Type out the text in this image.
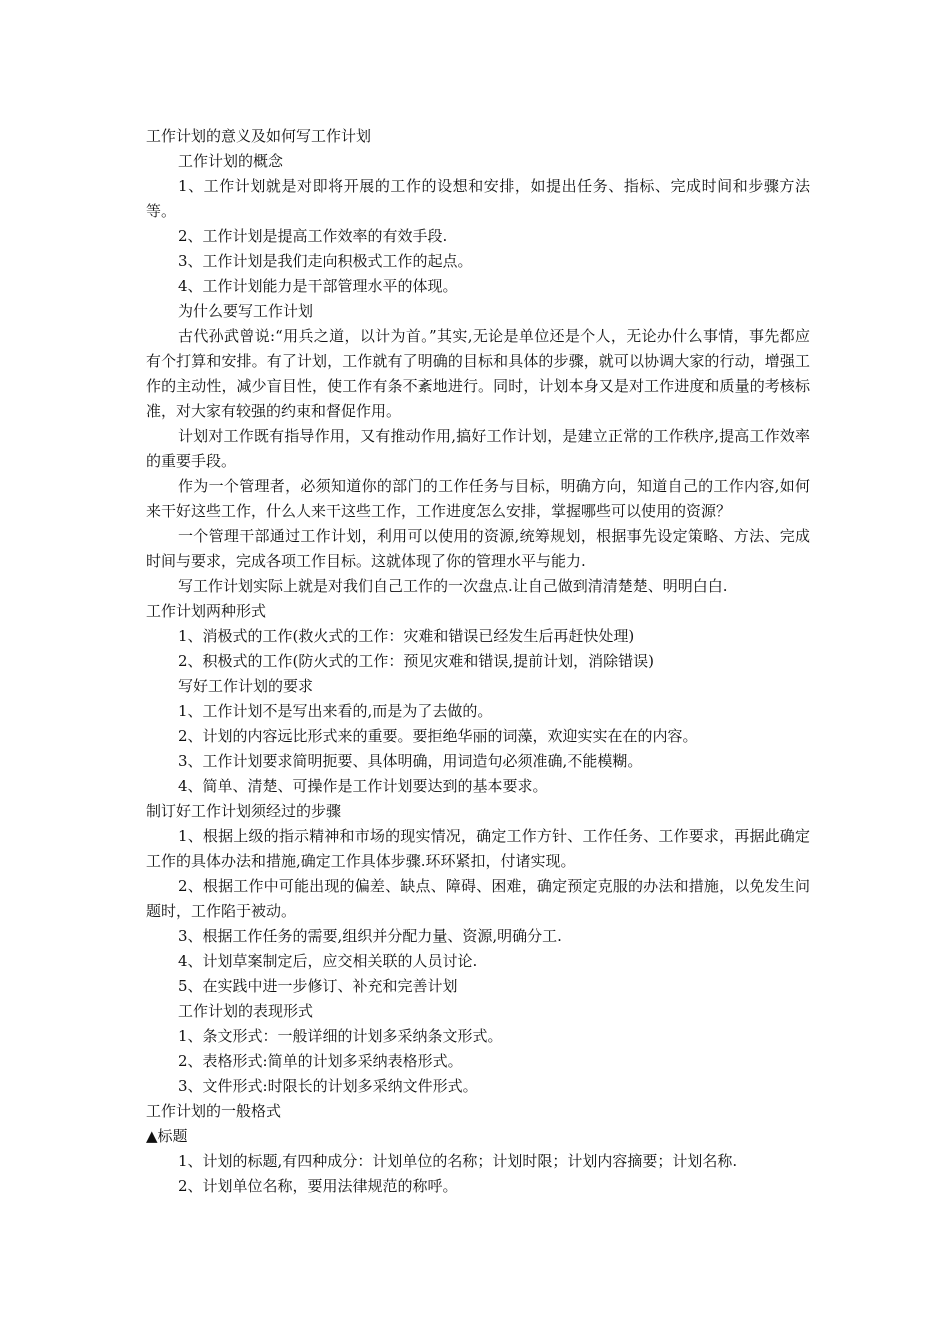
工作计划的意义及如何写工作计划

工作计划的概念

1、工作计划就是对即将开展的工作的设想和安排，如提出任务、指标、完成时间和步骤方法等。

2、工作计划是提高工作效率的有效手段.

3、工作计划是我们走向积极式工作的起点。

4、工作计划能力是干部管理水平的体现。

为什么要写工作计划

古代孙武曾说:“用兵之道，以计为首。”其实,无论是单位还是个人，无论办什么事情，事先都应有个打算和安排。有了计划，工作就有了明确的目标和具体的步骤，就可以协调大家的行动，增强工作的主动性，减少盲目性，使工作有条不紊地进行。同时，计划本身又是对工作进度和质量的考核标准，对大家有较强的约束和督促作用。

计划对工作既有指导作用，又有推动作用,搞好工作计划，是建立正常的工作秩序,提高工作效率的重要手段。

作为一个管理者，必须知道你的部门的工作任务与目标，明确方向，知道自己的工作内容,如何来干好这些工作，什么人来干这些工作，工作进度怎么安排，掌握哪些可以使用的资源？

一个管理干部通过工作计划，利用可以使用的资源,统筹规划，根据事先设定策略、方法、完成时间与要求，完成各项工作目标。这就体现了你的管理水平与能力.

写工作计划实际上就是对我们自己工作的一次盘点.让自己做到清清楚楚、明明白白.

工作计划两种形式

1、消极式的工作(救火式的工作：灾难和错误已经发生后再赶快处理)

2、积极式的工作(防火式的工作：预见灾难和错误,提前计划，消除错误)

写好工作计划的要求

1、工作计划不是写出来看的,而是为了去做的。

2、计划的内容远比形式来的重要。要拒绝华丽的词藻，欢迎实实在在的内容。

3、工作计划要求简明扼要、具体明确，用词造句必须准确,不能模糊。

4、简单、清楚、可操作是工作计划要达到的基本要求。

制订好工作计划须经过的步骤

1、根据上级的指示精神和市场的现实情况，确定工作方针、工作任务、工作要求，再据此确定工作的具体办法和措施,确定工作具体步骤.环环紧扣，付诸实现。

2、根据工作中可能出现的偏差、缺点、障碍、困难，确定预定克服的办法和措施，以免发生问题时，工作陷于被动。

3、根据工作任务的需要,组织并分配力量、资源,明确分工.

4、计划草案制定后，应交相关联的人员讨论.

5、在实践中进一步修订、补充和完善计划

工作计划的表现形式

1、条文形式：一般详细的计划多采纳条文形式。

2、表格形式:简单的计划多采纳表格形式。

3、文件形式:时限长的计划多采纳文件形式。

工作计划的一般格式

▲标题

1、计划的标题,有四种成分：计划单位的名称；计划时限；计划内容摘要；计划名称.

2、计划单位名称，要用法律规范的称呼。
